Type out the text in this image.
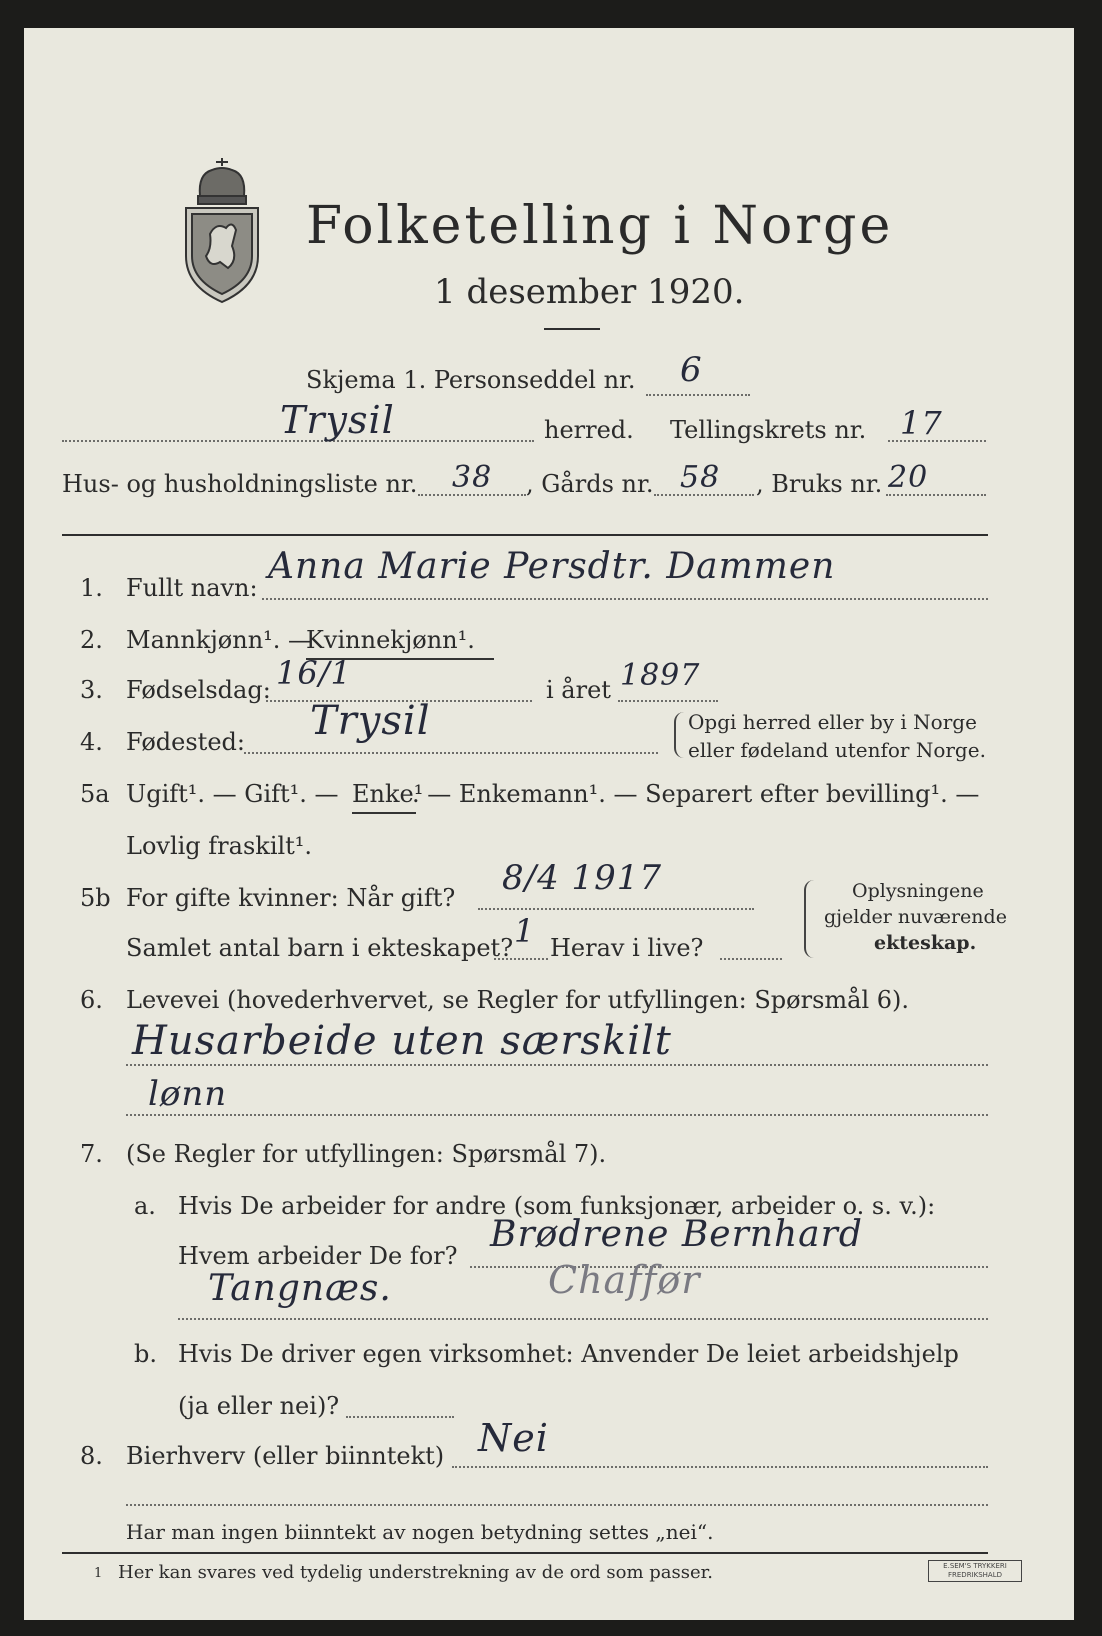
Folketelling i Norge
1 desember 1920.
Skjema 1. Personseddel nr. 6
Trysil	herred. Tellingskrets nr. 17
Hus- og husholdningsliste nr. 38 , Gårds nr. 58 , Bruks nr. 20
1. Fullt navn:
Anna Marie Persdtr. Dammen
2. Mannkjønn¹. —
Kvinnekjønn¹.
3. Fødselsdag: 16/1	i året 1897
4. Fødested: Trysil	Opgi herred eller by i Norge
eller fødeland utenfor Norge.
5a Ugift¹. — Gift¹. — Enke¹
. — Enkemann¹. — Separert efter bevilling¹. —
Lovlig fraskilt¹.
5b For gifte kvinner: Når gift? 8/4 1917
Samlet antal barn i ekteskapet? 1 Herav i live?
Oplysningene
gjelder nuværende
ekteskap.
6. Levevei (hovederhvervet, se Regler for utfyllingen: Spørsmål 6).
Husarbeide uten særskilt
lønn
7. (Se Regler for utfyllingen: Spørsmål 7).
a. Hvis De arbeider for andre (som funksjonær, arbeider o. s. v.):
Hvem arbeider De for?
Brødrene Bernhard
Tangnæs.	Chaffør
b. Hvis De driver egen virksomhet: Anvender De leiet arbeidshjelp
(ja eller nei)?
8. Bierhverv (eller biinntekt) Nei
Har man ingen biinntekt av nogen betydning settes „nei“.
1 Her kan svares ved tydelig understrekning av de ord som passer.	E.SEM'S TRYKKERI FREDRIKSHALD
